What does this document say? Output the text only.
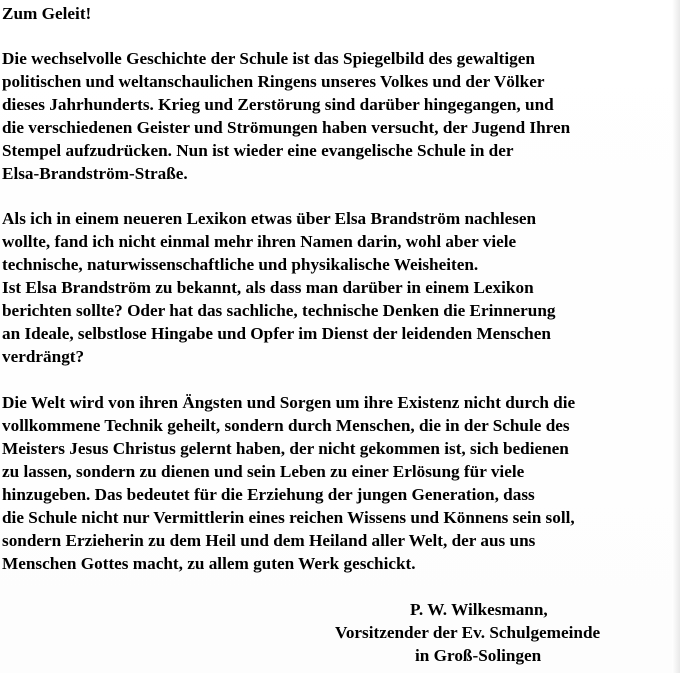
Zum Geleit!
Die wechselvolle Geschichte der Schule ist das Spiegelbild des gewaltigen
politischen und weltanschaulichen Ringens unseres Volkes und der Völker
dieses Jahrhunderts. Krieg und Zerstörung sind darüber hingegangen, und
die verschiedenen Geister und Strömungen haben versucht, der Jugend Ihren
Stempel aufzudrücken. Nun ist wieder eine evangelische Schule in der
Elsa-Brandström-Straße.
Als ich in einem neueren Lexikon etwas über Elsa Brandström nachlesen
wollte, fand ich nicht einmal mehr ihren Namen darin, wohl aber viele
technische, naturwissenschaftliche und physikalische Weisheiten.
Ist Elsa Brandström zu bekannt, als dass man darüber in einem Lexikon
berichten sollte? Oder hat das sachliche, technische Denken die Erinnerung
an Ideale, selbstlose Hingabe und Opfer im Dienst der leidenden Menschen
verdrängt?
Die Welt wird von ihren Ängsten und Sorgen um ihre Existenz nicht durch die
vollkommene Technik geheilt, sondern durch Menschen, die in der Schule des
Meisters Jesus Christus gelernt haben, der nicht gekommen ist, sich bedienen
zu lassen, sondern zu dienen und sein Leben zu einer Erlösung für viele
hinzugeben. Das bedeutet für die Erziehung der jungen Generation, dass
die Schule nicht nur Vermittlerin eines reichen Wissens und Könnens sein soll,
sondern Erzieherin zu dem Heil und dem Heiland aller Welt, der aus uns
Menschen Gottes macht, zu allem guten Werk geschickt.
P. W. Wilkesmann,
Vorsitzender der Ev. Schulgemeinde
in Groß-Solingen
